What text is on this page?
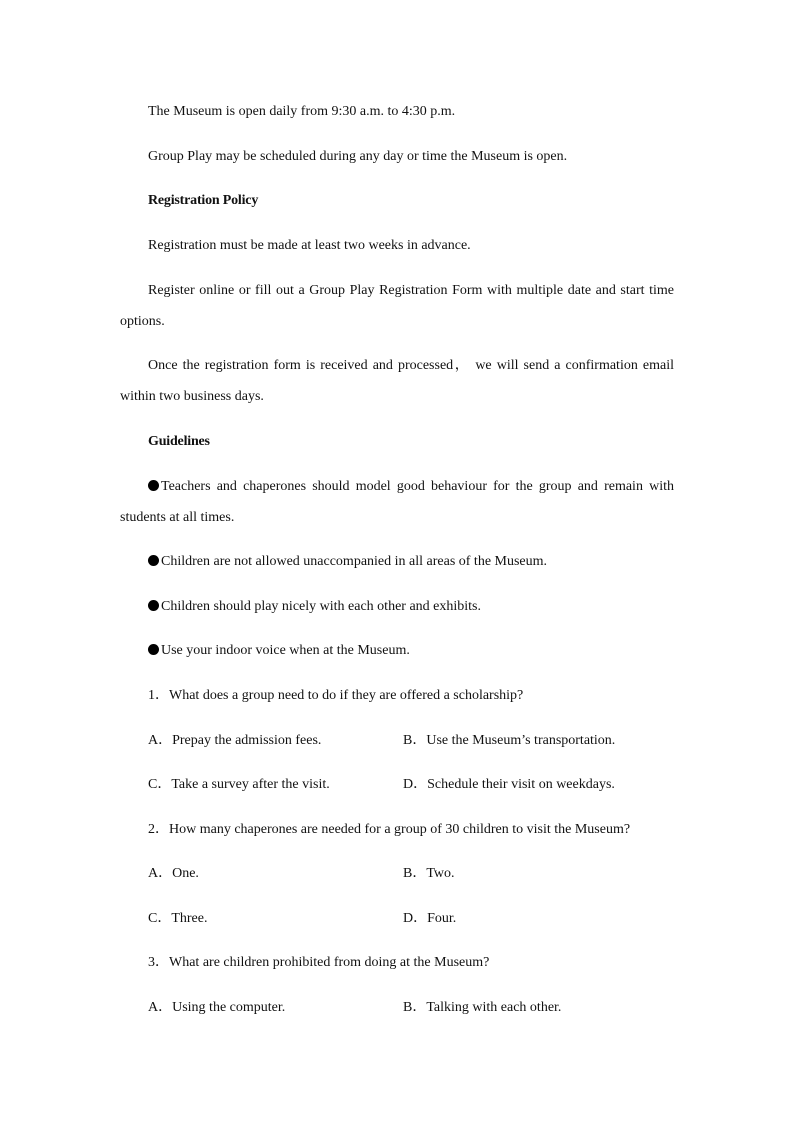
The Museum is open daily from 9:30 a.m. to 4:30 p.m.
Group Play may be scheduled during any day or time the Museum is open.
Registration Policy
Registration must be made at least two weeks in advance.
Register online or fill out a Group Play Registration Form with multiple date and start time
options.
Once the registration form is received and processed， we will send a confirmation email
within two business days.
Guidelines
Teachers and chaperones should model good behaviour for the group and remain with
students at all times.
Children are not allowed unaccompanied in all areas of the Museum.
Children should play nicely with each other and exhibits.
Use your indoor voice when at the Museum.
1．What does a group need to do if they are offered a scholarship?
A．Prepay the admission fees.	B．Use the Museum’s transportation.
C．Take a survey after the visit.	D．Schedule their visit on weekdays.
2．How many chaperones are needed for a group of 30 children to visit the Museum?
A．One.	B．Two.
C．Three.	D．Four.
3．What are children prohibited from doing at the Museum?
A．Using the computer.	B．Talking with each other.
